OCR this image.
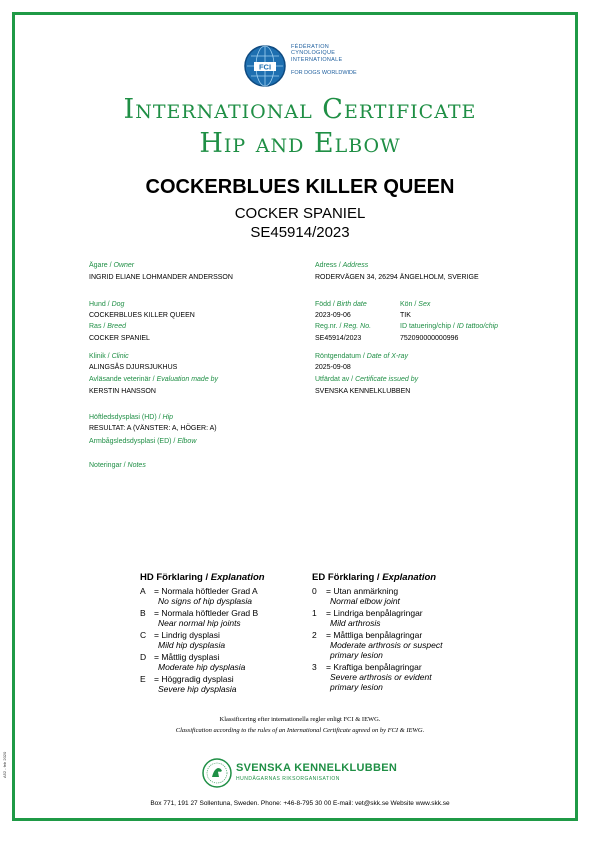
FCI
FÉDÉRATION
CYNOLOGIQUE
INTERNATIONALE
FOR DOGS WORLDWIDE
International Certificate
Hip and Elbow
COCKERBLUES KILLER QUEEN
COCKER SPANIEL
SE45914/2023
Ägare / Owner
INGRID ELIANE LOHMANDER ANDERSSON
Adress / Address
RODERVÄGEN 34, 26294 ÄNGELHOLM, SVERIGE
Hund / Dog
COCKERBLUES KILLER QUEEN
Född / Birth date
2023-09-06
Kön / Sex
TIK
Ras / Breed
COCKER SPANIEL
Reg.nr. / Reg. No.
SE45914/2023
ID tatuering/chip / ID tattoo/chip
752090000000996
Klinik / Clinic
ALINGSÅS DJURSJUKHUS
Röntgendatum / Date of X-ray
2025-09-08
Avläsande veterinär / Evaluation made by
KERSTIN HANSSON
Utfärdat av / Certificate issued by
SVENSKA KENNELKLUBBEN
Höftledsdysplasi (HD) / Hip
RESULTAT: A (VÄNSTER: A, HÖGER: A)
Armbågsledsdysplasi (ED) / Elbow
Noteringar / Notes
HD Förklaring / Explanation
A = Normala höftleder Grad A
No signs of hip dysplasia
B = Normala höftleder Grad B
Near normal hip joints
C = Lindrig dysplasi
Mild hip dysplasia
D = Måttlig dysplasi
Moderate hip dysplasia
E = Höggradig dysplasi
Severe hip dysplasia
ED Förklaring / Explanation
0 = Utan anmärkning
Normal elbow joint
1 = Lindriga benpålagringar
Mild arthrosis
2 = Måttliga benpålagringar
Moderate arthrosis or suspect
primary lesion
3 = Kraftiga benpålagringar
Severe arthrosis or evident
primary lesion
Klassificering efter internationella regler enligt FCI & IEWG.
Classification according to the rules of an International Certificate agreed on by FCI & IEWG.
SVENSKA KENNELKLUBBEN
HUNDÄGARNAS RIKSORGANISATION
Box 771, 191 27 Sollentuna, Sweden. Phone: +46-8-795 30 00 E-mail: vet@skk.se Website www.skk.se
A52 - feb 2020
